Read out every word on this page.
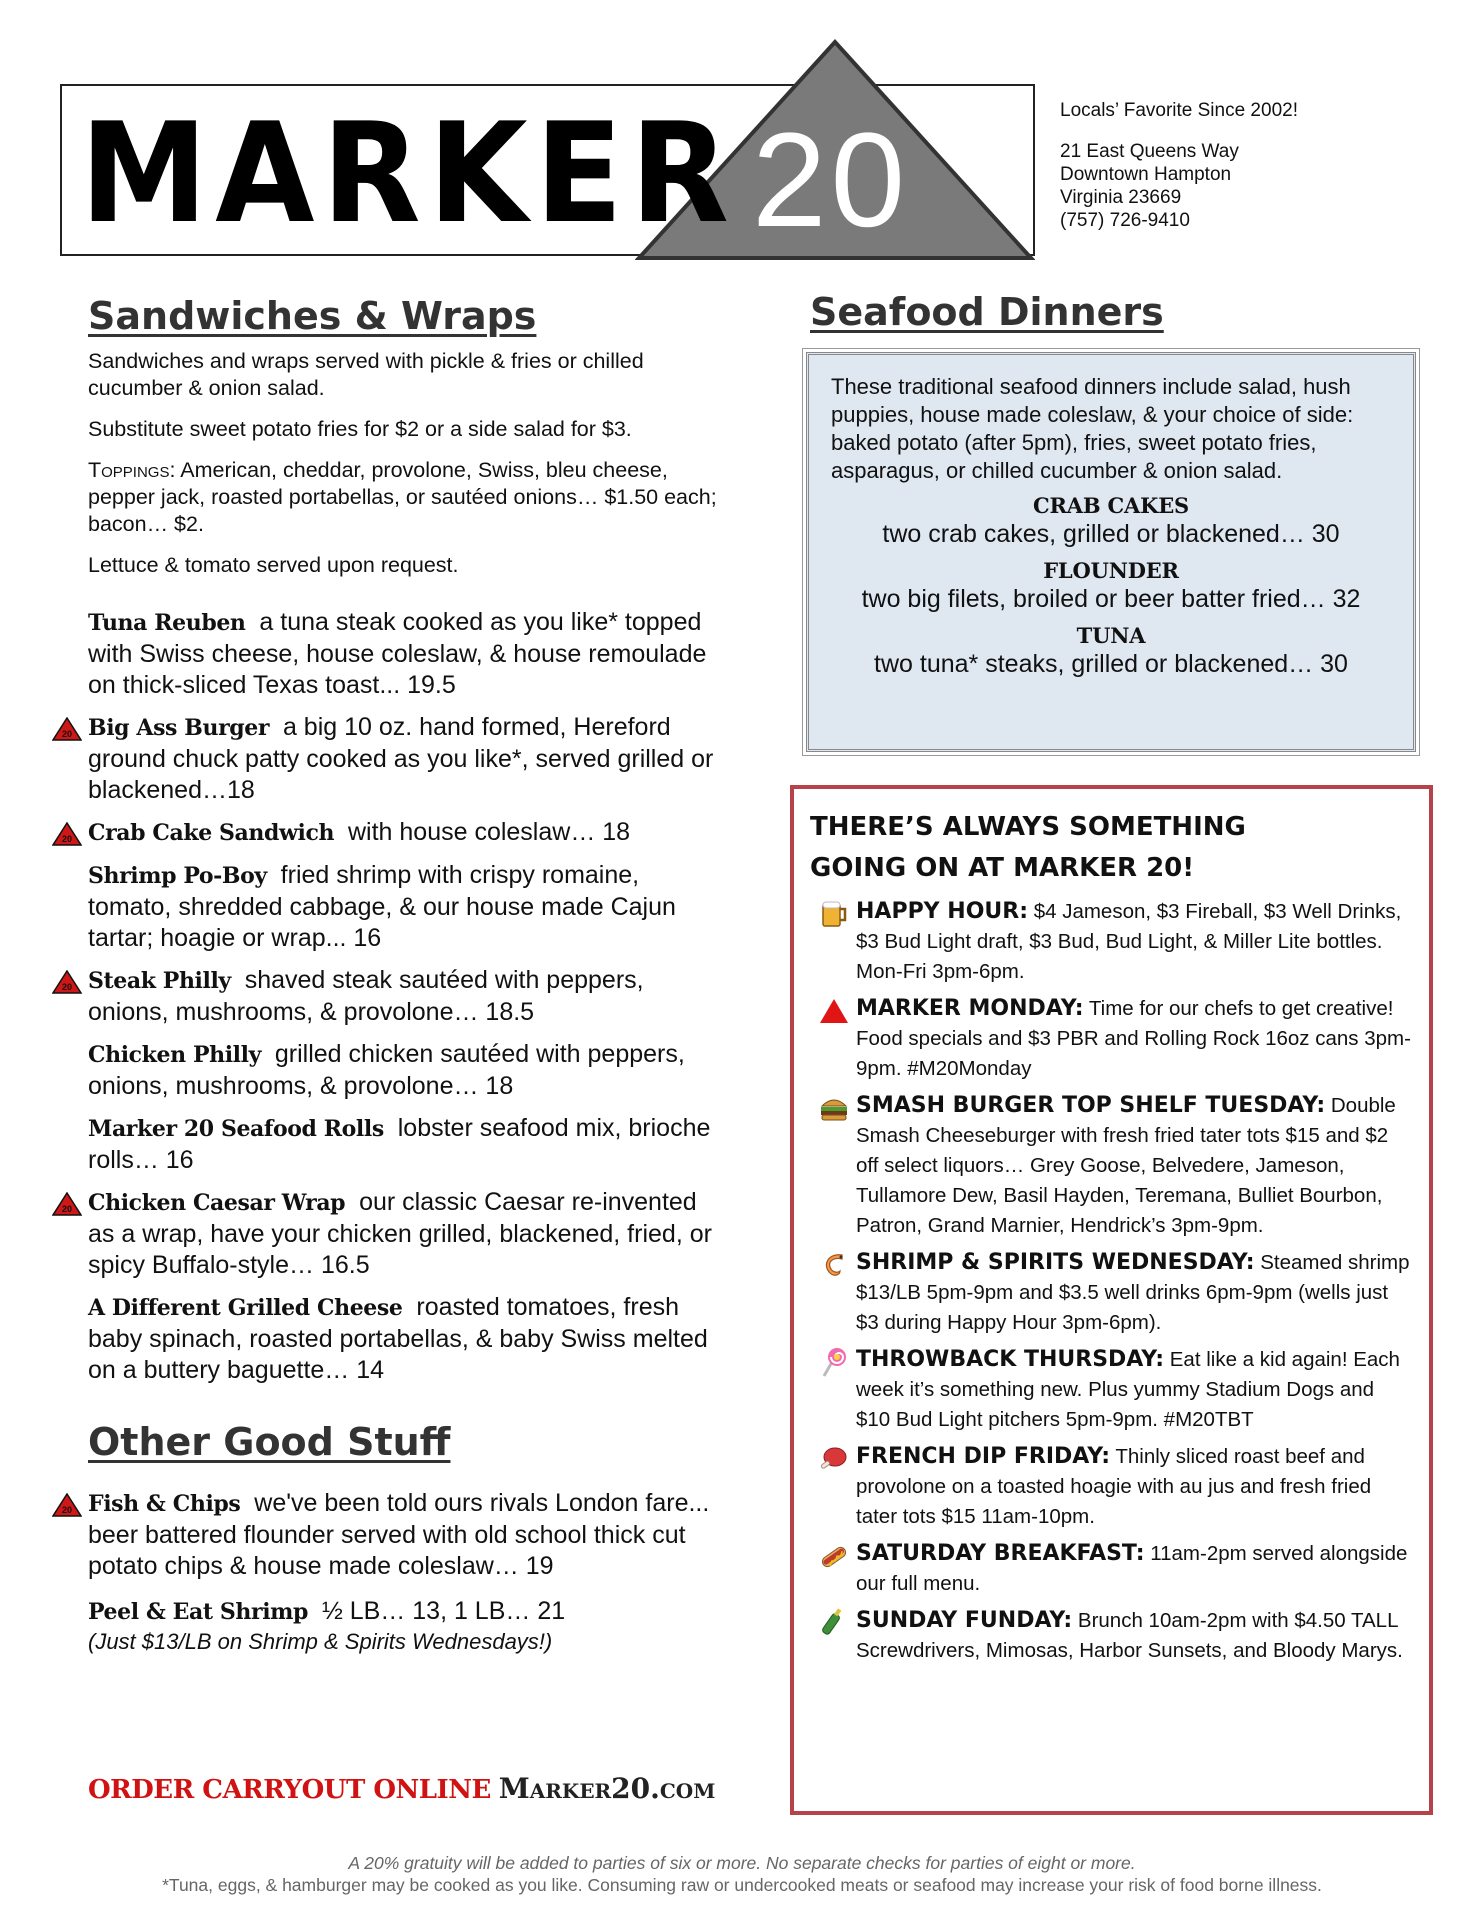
MARKER 20	Locals’ Favorite Since 2002!
21 East Queens Way
Downtown Hampton
Virginia 23669
(757) 726-9410
Sandwiches & Wraps

Sandwiches and wraps served with pickle & fries or chilled cucumber & onion salad.

Substitute sweet potato fries for $2 or a side salad for $3.

Toppings: American, cheddar, provolone, Swiss, bleu cheese, pepper jack, roasted portabellas, or sautéed onions… $1.50 each; bacon… $2.

Lettuce & tomato served upon request.

Tuna Reuben a tuna steak cooked as you like* topped with Swiss cheese, house coleslaw, & house remoulade on thick-sliced Texas toast... 19.5
20 Big Ass Burger a big 10 oz. hand formed, Hereford ground chuck patty cooked as you like*, served grilled or blackened…18
20 Crab Cake Sandwich with house coleslaw… 18
Shrimp Po-Boy fried shrimp with crispy romaine, tomato, shredded cabbage, & our house made Cajun tartar; hoagie or wrap... 16
20 Steak Philly shaved steak sautéed with peppers, onions, mushrooms, & provolone… 18.5
Chicken Philly grilled chicken sautéed with peppers, onions, mushrooms, & provolone… 18
Marker 20 Seafood Rolls lobster seafood mix, brioche rolls… 16
20 Chicken Caesar Wrap our classic Caesar re-invented as a wrap, have your chicken grilled, blackened, fried, or spicy Buffalo-style… 16.5
A Different Grilled Cheese roasted tomatoes, fresh baby spinach, roasted portabellas, & baby Swiss melted on a buttery baguette… 14
Other Good Stuff
20 Fish & Chips we've been told ours rivals London fare... beer battered flounder served with old school thick cut potato chips & house made coleslaw… 19
Peel & Eat Shrimp ½ LB… 13, 1 LB… 21
(Just $13/LB on Shrimp & Spirits Wednesdays!)
ORDER CARRYOUT ONLINE Marker20.com
Seafood Dinners
These traditional seafood dinners include salad, hush puppies, house made coleslaw, & your choice of side: baked potato (after 5pm), fries, sweet potato fries, asparagus, or chilled cucumber & onion salad.
CRAB CAKES
two crab cakes, grilled or blackened… 30
FLOUNDER
two big filets, broiled or beer batter fried… 32
TUNA
two tuna* steaks, grilled or blackened… 30
THERE’S ALWAYS SOMETHING
GOING ON AT MARKER 20!
HAPPY HOUR: $4 Jameson, $3 Fireball, $3 Well Drinks, $3 Bud Light draft, $3 Bud, Bud Light, & Miller Lite bottles. Mon-Fri 3pm-6pm.
MARKER MONDAY: Time for our chefs to get creative! Food specials and $3 PBR and Rolling Rock 16oz cans 3pm-9pm. #M20Monday
SMASH BURGER TOP SHELF TUESDAY: Double Smash Cheeseburger with fresh fried tater tots $15 and $2 off select liquors… Grey Goose, Belvedere, Jameson, Tullamore Dew, Basil Hayden, Teremana, Bulliet Bourbon, Patron, Grand Marnier, Hendrick’s 3pm-9pm.
SHRIMP & SPIRITS WEDNESDAY: Steamed shrimp $13/LB 5pm-9pm and $3.5 well drinks 6pm-9pm (wells just $3 during Happy Hour 3pm-6pm).
THROWBACK THURSDAY: Eat like a kid again! Each week it’s something new. Plus yummy Stadium Dogs and $10 Bud Light pitchers 5pm-9pm. #M20TBT
FRENCH DIP FRIDAY: Thinly sliced roast beef and provolone on a toasted hoagie with au jus and fresh fried tater tots $15 11am-10pm.
SATURDAY BREAKFAST: 11am-2pm served alongside our full menu.
SUNDAY FUNDAY: Brunch 10am-2pm with $4.50 TALL Screwdrivers, Mimosas, Harbor Sunsets, and Bloody Marys.
A 20% gratuity will be added to parties of six or more. No separate checks for parties of eight or more.
*Tuna, eggs, & hamburger may be cooked as you like. Consuming raw or undercooked meats or seafood may increase your risk of food borne illness.
